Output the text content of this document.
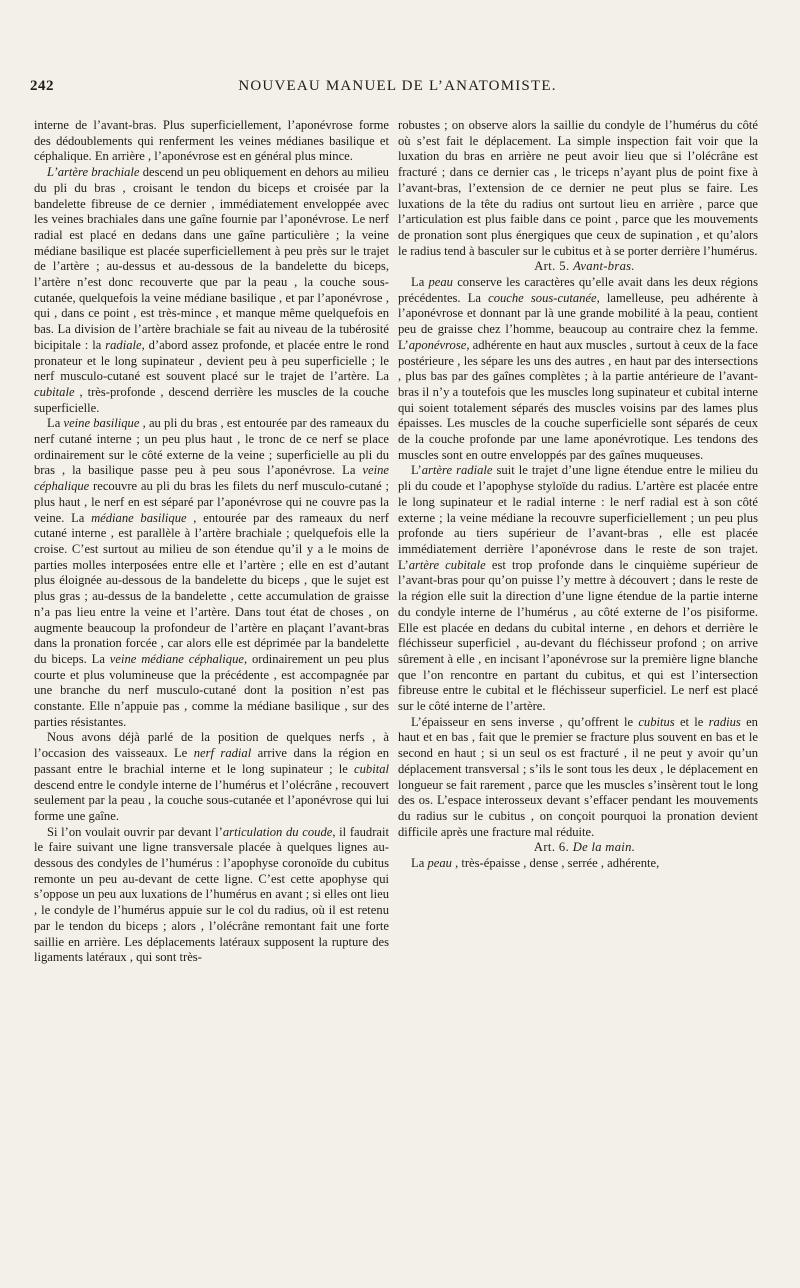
242	NOUVEAU MANUEL DE L’ANATOMISTE.

interne de l’avant-bras. Plus superficiellement, l’aponévrose forme des dédoublements qui renferment les veines médianes basilique et céphalique. En arrière , l’aponévrose est en général plus mince.

L’artère brachiale descend un peu obliquement en dehors au milieu du pli du bras , croisant le tendon du biceps et croisée par la bandelette fibreuse de ce dernier , immédiatement enveloppée avec les veines brachiales dans une gaîne fournie par l’aponévrose. Le nerf radial est placé en dedans dans une gaîne particulière ; la veine médiane basilique est placée superficiellement à peu près sur le trajet de l’artère ; au-dessus et au-dessous de la bandelette du biceps, l’artère n’est donc recouverte que par la peau , la couche sous-cutanée, quelquefois la veine médiane basilique , et par l’aponévrose , qui , dans ce point , est très-mince , et manque même quelquefois en bas. La division de l’artère brachiale se fait au niveau de la tubérosité bicipitale : la radiale, d’abord assez profonde, et placée entre le rond pronateur et le long supinateur , devient peu à peu superficielle ; le nerf musculo-cutané est souvent placé sur le trajet de l’artère. La cubitale , très-profonde , descend derrière les muscles de la couche superficielle.

La veine basilique , au pli du bras , est entourée par des rameaux du nerf cutané interne ; un peu plus haut , le tronc de ce nerf se place ordinairement sur le côté externe de la veine ; superficielle au pli du bras , la basilique passe peu à peu sous l’aponévrose. La veine céphalique recouvre au pli du bras les filets du nerf musculo-cutané ; plus haut , le nerf en est séparé par l’aponévrose qui ne couvre pas la veine. La médiane basilique , entourée par des rameaux du nerf cutané interne , est parallèle à l’artère brachiale ; quelquefois elle la croise. C’est surtout au milieu de son étendue qu’il y a le moins de parties molles interposées entre elle et l’artère ; elle en est d’autant plus éloignée au-dessous de la bandelette du biceps , que le sujet est plus gras ; au-dessus de la bandelette , cette accumulation de graisse n’a pas lieu entre la veine et l’artère. Dans tout état de choses , on augmente beaucoup la profondeur de l’artère en plaçant l’avant-bras dans la pronation forcée , car alors elle est déprimée par la bandelette du biceps. La veine médiane céphalique, ordinairement un peu plus courte et plus volumineuse que la précédente , est accompagnée par une branche du nerf musculo-cutané dont la position n’est pas constante. Elle n’appuie pas , comme la médiane basilique , sur des parties résistantes.

Nous avons déjà parlé de la position de quelques nerfs , à l’occasion des vaisseaux. Le nerf radial arrive dans la région en passant entre le brachial interne et le long supinateur ; le cubital descend entre le condyle interne de l’humérus et l’olécrâne , recouvert seulement par la peau , la couche sous-cutanée et l’aponévrose qui lui forme une gaîne.

Si l’on voulait ouvrir par devant l’articulation du coude, il faudrait le faire suivant une ligne transversale placée à quelques lignes au-dessous des condyles de l’humérus : l’apophyse coronoïde du cubitus remonte un peu au-devant de cette ligne. C’est cette apophyse qui s’oppose un peu aux luxations de l’humérus en avant ; si elles ont lieu , le condyle de l’humérus appuie sur le col du radius, où il est retenu par le tendon du biceps ; alors , l’olécrâne remontant fait une forte saillie en arrière. Les déplacements latéraux supposent la rupture des ligaments latéraux , qui sont très-

robustes ; on observe alors la saillie du condyle de l’humérus du côté où s’est fait le déplacement. La simple inspection fait voir que la luxation du bras en arrière ne peut avoir lieu que si l’olécrâne est fracturé ; dans ce dernier cas , le triceps n’ayant plus de point fixe à l’avant-bras, l’extension de ce dernier ne peut plus se faire. Les luxations de la tête du radius ont surtout lieu en arrière , parce que l’articulation est plus faible dans ce point , parce que les mouvements de pronation sont plus énergiques que ceux de supination , et qu’alors le radius tend à basculer sur le cubitus et à se porter derrière l’humérus.

Art. 5. Avant-bras.

La peau conserve les caractères qu’elle avait dans les deux régions précédentes. La couche sous-cutanée, lamelleuse, peu adhérente à l’aponévrose et donnant par là une grande mobilité à la peau, contient peu de graisse chez l’homme, beaucoup au contraire chez la femme. L’aponévrose, adhérente en haut aux muscles , surtout à ceux de la face postérieure , les sépare les uns des autres , en haut par des intersections , plus bas par des gaînes complètes ; à la partie antérieure de l’avant-bras il n’y a toutefois que les muscles long supinateur et cubital interne qui soient totalement séparés des muscles voisins par des lames plus épaisses. Les muscles de la couche superficielle sont séparés de ceux de la couche profonde par une lame aponévrotique. Les tendons des muscles sont en outre enveloppés par des gaînes muqueuses.

L’artère radiale suit le trajet d’une ligne étendue entre le milieu du pli du coude et l’apophyse styloïde du radius. L’artère est placée entre le long supinateur et le radial interne : le nerf radial est à son côté externe ; la veine médiane la recouvre superficiellement ; un peu plus profonde au tiers supérieur de l’avant-bras , elle est placée immédiatement derrière l’aponévrose dans le reste de son trajet. L’artère cubitale est trop profonde dans le cinquième supérieur de l’avant-bras pour qu’on puisse l’y mettre à découvert ; dans le reste de la région elle suit la direction d’une ligne étendue de la partie interne du condyle interne de l’humérus , au côté externe de l’os pisiforme. Elle est placée en dedans du cubital interne , en dehors et derrière le fléchisseur superficiel , au-devant du fléchisseur profond ; on arrive sûrement à elle , en incisant l’aponévrose sur la première ligne blanche que l’on rencontre en partant du cubitus, et qui est l’intersection fibreuse entre le cubital et le fléchisseur superficiel. Le nerf est placé sur le côté interne de l’artère.

L’épaisseur en sens inverse , qu’offrent le cubitus et le radius en haut et en bas , fait que le premier se fracture plus souvent en bas et le second en haut ; si un seul os est fracturé , il ne peut y avoir qu’un déplacement transversal ; s’ils le sont tous les deux , le déplacement en longueur se fait rarement , parce que les muscles s’insèrent tout le long des os. L’espace interosseux devant s’effacer pendant les mouvements du radius sur le cubitus , on conçoit pourquoi la pronation devient difficile après une fracture mal réduite.

Art. 6. De la main.

La peau , très-épaisse , dense , serrée , adhérente,
